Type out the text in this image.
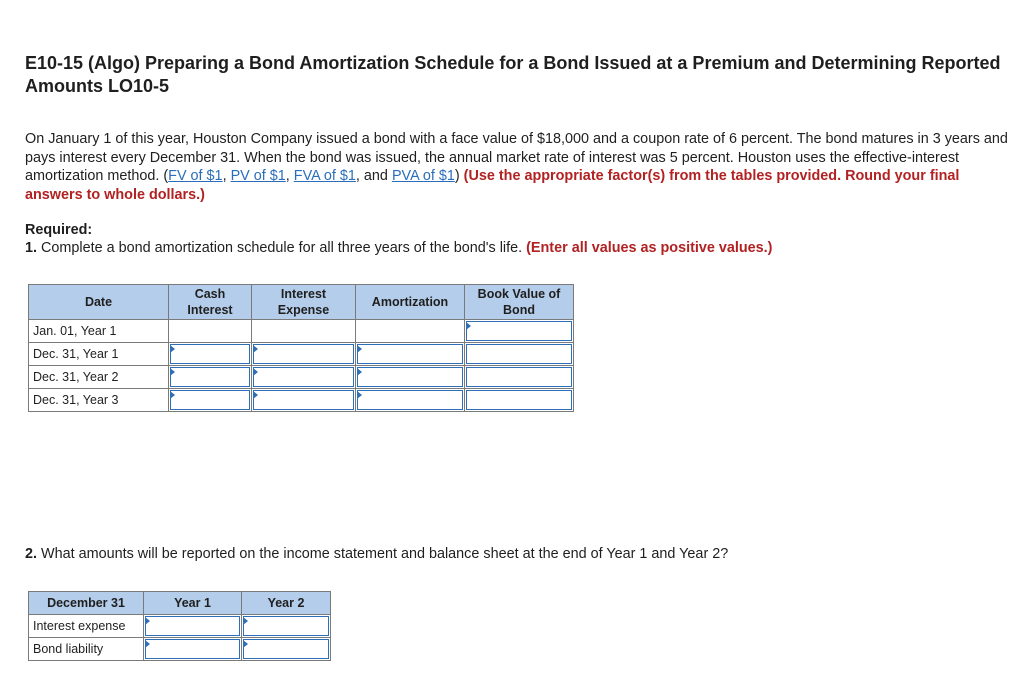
E10-15 (Algo) Preparing a Bond Amortization Schedule for a Bond Issued at a Premium and Determining Reported Amounts LO10-5

On January 1 of this year, Houston Company issued a bond with a face value of $18,000 and a coupon rate of 6 percent. The bond matures in 3 years and pays interest every December 31. When the bond was issued, the annual market rate of interest was 5 percent. Houston uses the effective-interest amortization method. (FV of $1, PV of $1, FVA of $1, and PVA of $1) (Use the appropriate factor(s) from the tables provided. Round your final answers to whole dollars.)

Required:

1. Complete a bond amortization schedule for all three years of the bond's life. (Enter all values as positive values.)

Date	Cash Interest	Interest Expense	Amortization	Book Value of Bond
Jan. 01, Year 1				

Dec. 31, Year 1	

Dec. 31, Year 2	

Dec. 31, Year 3	

2. What amounts will be reported on the income statement and balance sheet at the end of Year 1 and Year 2?

December 31	Year 1	Year 2
Interest expense	

Bond liability	
